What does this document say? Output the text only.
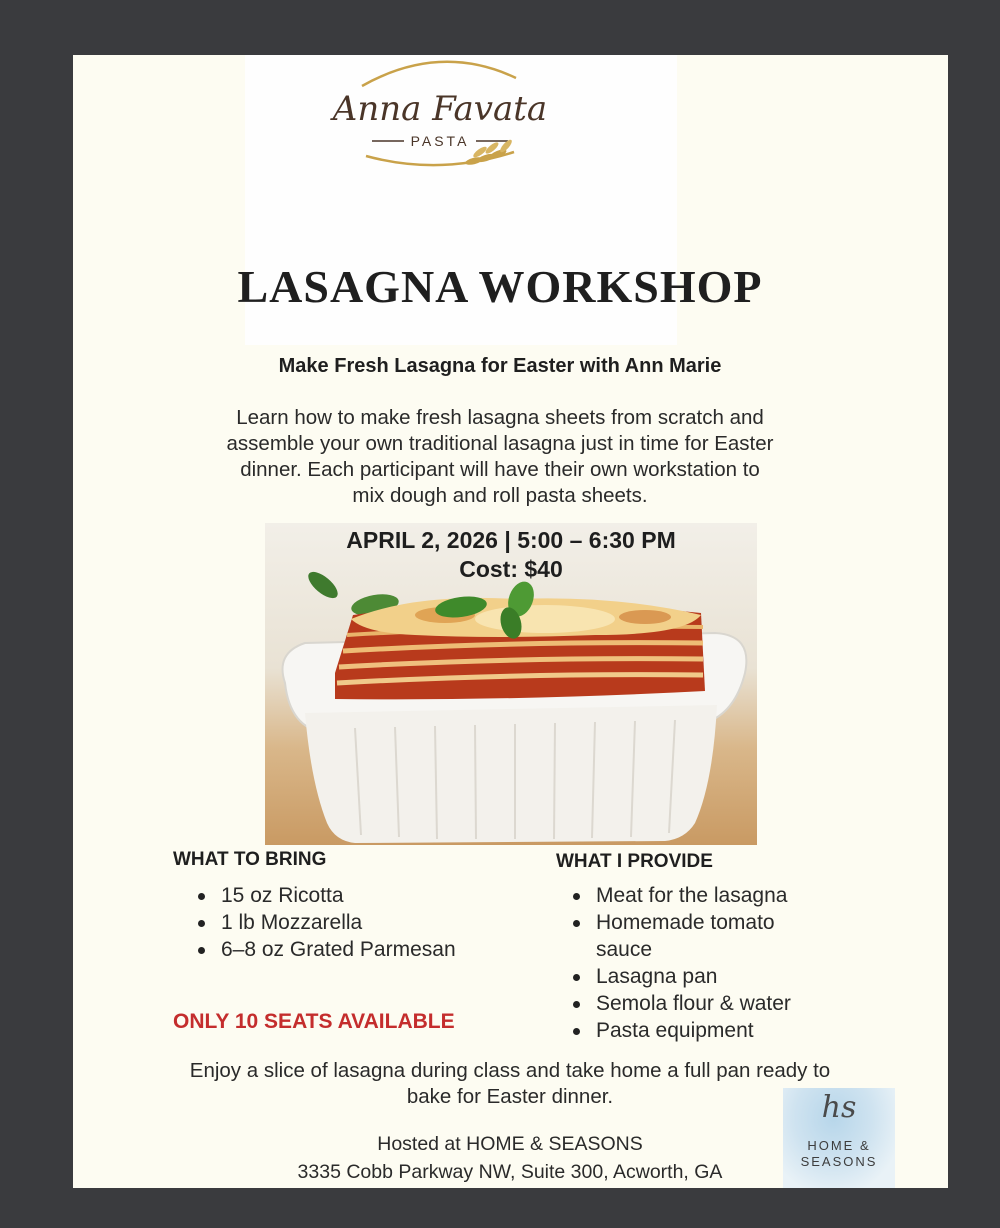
Anna Favata
PASTA
LASAGNA WORKSHOP
Make Fresh Lasagna for Easter with Ann Marie
Learn how to make fresh lasagna sheets from scratch and
assemble your own traditional lasagna just in time for Easter
dinner. Each participant will have their own workstation to
mix dough and roll pasta sheets.
APRIL 2, 2026 | 5:00 – 6:30 PM
Cost: $40
WHAT TO BRING
15 oz Ricotta
1 lb Mozzarella
6–8 oz Grated Parmesan
WHAT I PROVIDE
Meat for the lasagna
Homemade tomato sauce
Lasagna pan
Semola flour & water
Pasta equipment
ONLY 10 SEATS AVAILABLE
Enjoy a slice of lasagna during class and take home a full pan ready to
bake for Easter dinner.
Hosted at HOME & SEASONS
3335 Cobb Parkway NW, Suite 300, Acworth, GA
hs
HOME &
SEASONS
